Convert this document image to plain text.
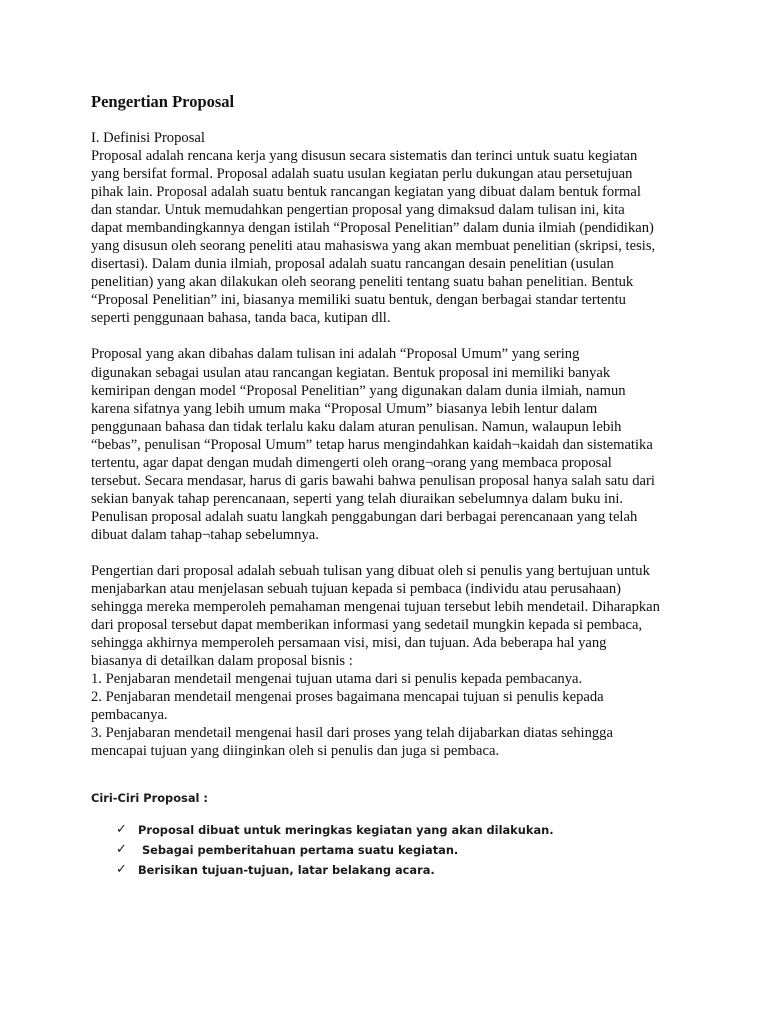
Pengertian Proposal
I. Definisi Proposal

Proposal adalah rencana kerja yang disusun secara sistematis dan terinci untuk suatu kegiatan
yang bersifat formal. Proposal adalah suatu usulan kegiatan perlu dukungan atau persetujuan
pihak lain. Proposal adalah suatu bentuk rancangan kegiatan yang dibuat dalam bentuk formal
dan standar. Untuk memudahkan pengertian proposal yang dimaksud dalam tulisan ini, kita
dapat membandingkannya dengan istilah “Proposal Penelitian” dalam dunia ilmiah (pendidikan)
yang disusun oleh seorang peneliti atau mahasiswa yang akan membuat penelitian (skripsi, tesis,
disertasi). Dalam dunia ilmiah, proposal adalah suatu rancangan desain penelitian (usulan
penelitian) yang akan dilakukan oleh seorang peneliti tentang suatu bahan penelitian. Bentuk
“Proposal Penelitian” ini, biasanya memiliki suatu bentuk, dengan berbagai standar tertentu
seperti penggunaan bahasa, tanda baca, kutipan dll.

Proposal yang akan dibahas dalam tulisan ini adalah “Proposal Umum” yang sering
digunakan sebagai usulan atau rancangan kegiatan. Bentuk proposal ini memiliki banyak
kemiripan dengan model “Proposal Penelitian” yang digunakan dalam dunia ilmiah, namun
karena sifatnya yang lebih umum maka “Proposal Umum” biasanya lebih lentur dalam
penggunaan bahasa dan tidak terlalu kaku dalam aturan penulisan. Namun, walaupun lebih
“bebas”, penulisan “Proposal Umum” tetap harus mengindahkan kaidah¬kaidah dan sistematika
tertentu, agar dapat dengan mudah dimengerti oleh orang¬orang yang membaca proposal
tersebut. Secara mendasar, harus di garis bawahi bahwa penulisan proposal hanya salah satu dari
sekian banyak tahap perencanaan, seperti yang telah diuraikan sebelumnya dalam buku ini.
Penulisan proposal adalah suatu langkah penggabungan dari berbagai perencanaan yang telah
dibuat dalam tahap¬tahap sebelumnya.

Pengertian dari proposal adalah sebuah tulisan yang dibuat oleh si penulis yang bertujuan untuk
menjabarkan atau menjelasan sebuah tujuan kepada si pembaca (individu atau perusahaan)
sehingga mereka memperoleh pemahaman mengenai tujuan tersebut lebih mendetail. Diharapkan
dari proposal tersebut dapat memberikan informasi yang sedetail mungkin kepada si pembaca,
sehingga akhirnya memperoleh persamaan visi, misi, dan tujuan. Ada beberapa hal yang
biasanya di detailkan dalam proposal bisnis :
1. Penjabaran mendetail mengenai tujuan utama dari si penulis kepada pembacanya.
2. Penjabaran mendetail mengenai proses bagaimana mencapai tujuan si penulis kepada
pembacanya.
3. Penjabaran mendetail mengenai hasil dari proses yang telah dijabarkan diatas sehingga
mencapai tujuan yang diinginkan oleh si penulis dan juga si pembaca.

Ciri-Ciri Proposal :
✓ Proposal dibuat untuk meringkas kegiatan yang akan dilakukan.
✓ Sebagai pemberitahuan pertama suatu kegiatan.
✓ Berisikan tujuan-tujuan, latar belakang acara.
